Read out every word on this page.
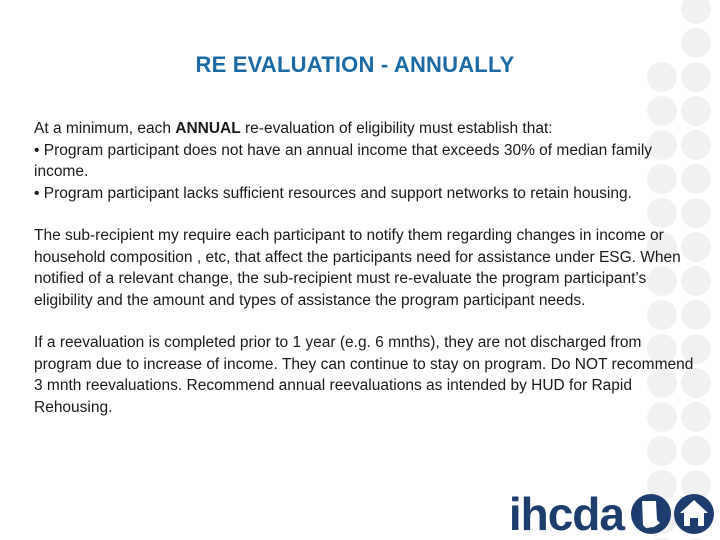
RE EVALUATION - ANNUALLY

At a minimum, each ANNUAL re-evaluation of eligibility must establish that:

• Program participant does not have an annual income that exceeds 30% of median family income.

• Program participant lacks sufficient resources and support networks to retain housing.

The sub-recipient my require each participant to notify them regarding changes in income or household composition , etc, that affect the participants need for assistance under ESG. When notified of a relevant change, the sub-recipient must re-evaluate the program participant’s eligibility and the amount and types of assistance the program participant needs.

If a reevaluation is completed prior to 1 year (e.g. 6 mnths), they are not discharged from program due to increase of income. They can continue to stay on program. Do NOT recommend 3 mnth reevaluations. Recommend annual reevaluations as intended by HUD for Rapid Rehousing.

ihcda
